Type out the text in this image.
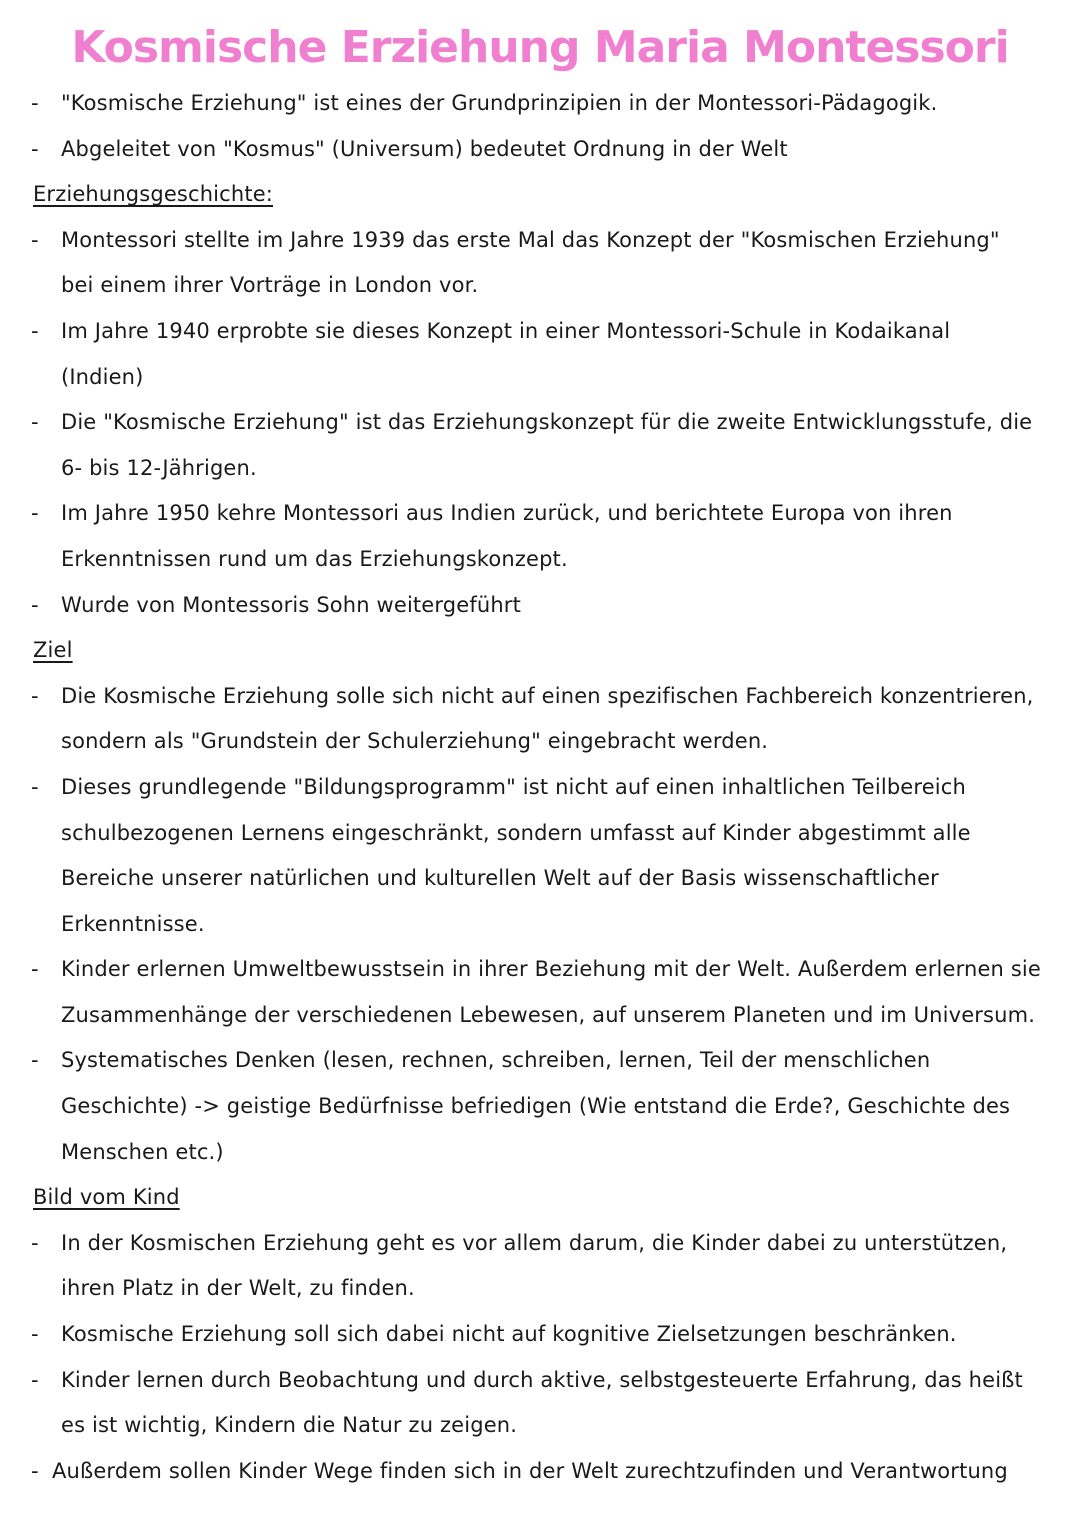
Kosmische Erziehung Maria Montessori
- "Kosmische Erziehung" ist eines der Grundprinzipien in der Montessori-Pädagogik.
- Abgeleitet von "Kosmus" (Universum) bedeutet Ordnung in der Welt
Erziehungsgeschichte:
- Montessori stellte im Jahre 1939 das erste Mal das Konzept der "Kosmischen Erziehung"
bei einem ihrer Vorträge in London vor.
- Im Jahre 1940 erprobte sie dieses Konzept in einer Montessori-Schule in Kodaikanal
(Indien)
- Die "Kosmische Erziehung" ist das Erziehungskonzept für die zweite Entwicklungsstufe, die
6- bis 12-Jährigen.
- Im Jahre 1950 kehre Montessori aus Indien zurück, und berichtete Europa von ihren
Erkenntnissen rund um das Erziehungskonzept.
- Wurde von Montessoris Sohn weitergeführt
Ziel
- Die Kosmische Erziehung solle sich nicht auf einen spezifischen Fachbereich konzentrieren,
sondern als "Grundstein der Schulerziehung" eingebracht werden.
- Dieses grundlegende "Bildungsprogramm" ist nicht auf einen inhaltlichen Teilbereich
schulbezogenen Lernens eingeschränkt, sondern umfasst auf Kinder abgestimmt alle
Bereiche unserer natürlichen und kulturellen Welt auf der Basis wissenschaftlicher
Erkenntnisse.
- Kinder erlernen Umweltbewusstsein in ihrer Beziehung mit der Welt. Außerdem erlernen sie
Zusammenhänge der verschiedenen Lebewesen, auf unserem Planeten und im Universum.
- Systematisches Denken (lesen, rechnen, schreiben, lernen, Teil der menschlichen
Geschichte) -> geistige Bedürfnisse befriedigen (Wie entstand die Erde?, Geschichte des
Menschen etc.)
Bild vom Kind
- In der Kosmischen Erziehung geht es vor allem darum, die Kinder dabei zu unterstützen,
ihren Platz in der Welt, zu finden.
- Kosmische Erziehung soll sich dabei nicht auf kognitive Zielsetzungen beschränken.
- Kinder lernen durch Beobachtung und durch aktive, selbstgesteuerte Erfahrung, das heißt
es ist wichtig, Kindern die Natur zu zeigen.
- Außerdem sollen Kinder Wege finden sich in der Welt zurechtzufinden und Verantwortung
